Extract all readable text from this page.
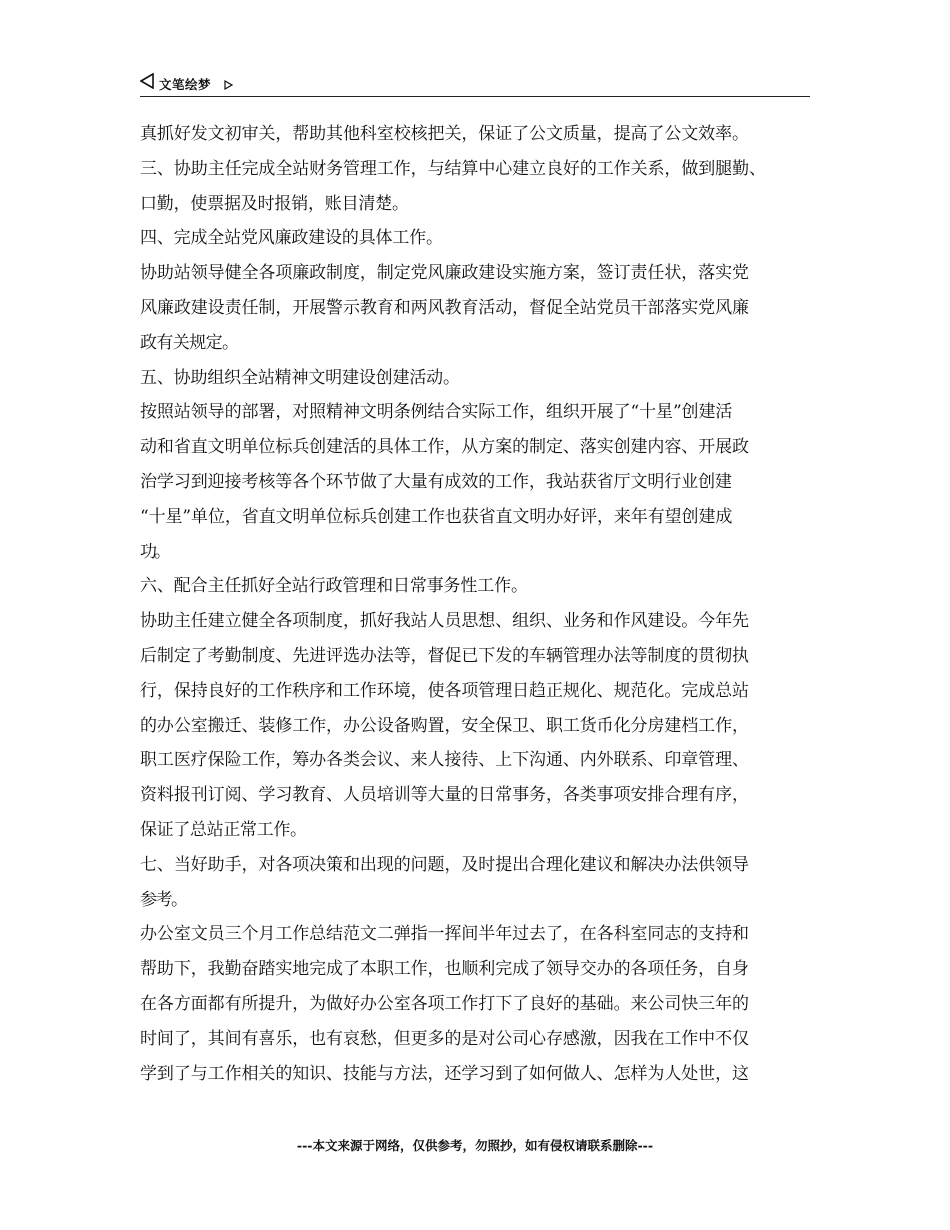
文笔绘梦

真抓好发文初审关，帮助其他科室校核把关，保证了公文质量，提高了公文效率。

三、协助主任完成全站财务管理工作，与结算中心建立良好的工作关系，做到腿勤、

口勤，使票据及时报销，账目清楚。

四、完成全站党风廉政建设的具体工作。

协助站领导健全各项廉政制度，制定党风廉政建设实施方案，签订责任状，落实党

风廉政建设责任制，开展警示教育和两风教育活动，督促全站党员干部落实党风廉

政有关规定。

五、协助组织全站精神文明建设创建活动。

按照站领导的部署，对照精神文明条例结合实际工作，组织开展了“十星”创建活

动和省直文明单位标兵创建活的具体工作，从方案的制定、落实创建内容、开展政

治学习到迎接考核等各个环节做了大量有成效的工作，我站获省厅文明行业创建

“十星”单位，省直文明单位标兵创建工作也获省直文明办好评，来年有望创建成

功。

六、配合主任抓好全站行政管理和日常事务性工作。

协助主任建立健全各项制度，抓好我站人员思想、组织、业务和作风建设。今年先

后制定了考勤制度、先进评选办法等，督促已下发的车辆管理办法等制度的贯彻执

行，保持良好的工作秩序和工作环境，使各项管理日趋正规化、规范化。完成总站

的办公室搬迁、装修工作，办公设备购置，安全保卫、职工货币化分房建档工作，

职工医疗保险工作，筹办各类会议、来人接待、上下沟通、内外联系、印章管理、

资料报刊订阅、学习教育、人员培训等大量的日常事务，各类事项安排合理有序，

保证了总站正常工作。

七、当好助手，对各项决策和出现的问题，及时提出合理化建议和解决办法供领导

参考。

办公室文员三个月工作总结范文二弹指一挥间半年过去了，在各科室同志的支持和

帮助下，我勤奋踏实地完成了本职工作，也顺利完成了领导交办的各项任务，自身

在各方面都有所提升，为做好办公室各项工作打下了良好的基础。来公司快三年的

时间了，其间有喜乐，也有哀愁，但更多的是对公司心存感激，因我在工作中不仅

学到了与工作相关的知识、技能与方法，还学习到了如何做人、怎样为人处世，这

---本文来源于网络，仅供参考，勿照抄，如有侵权请联系删除---
